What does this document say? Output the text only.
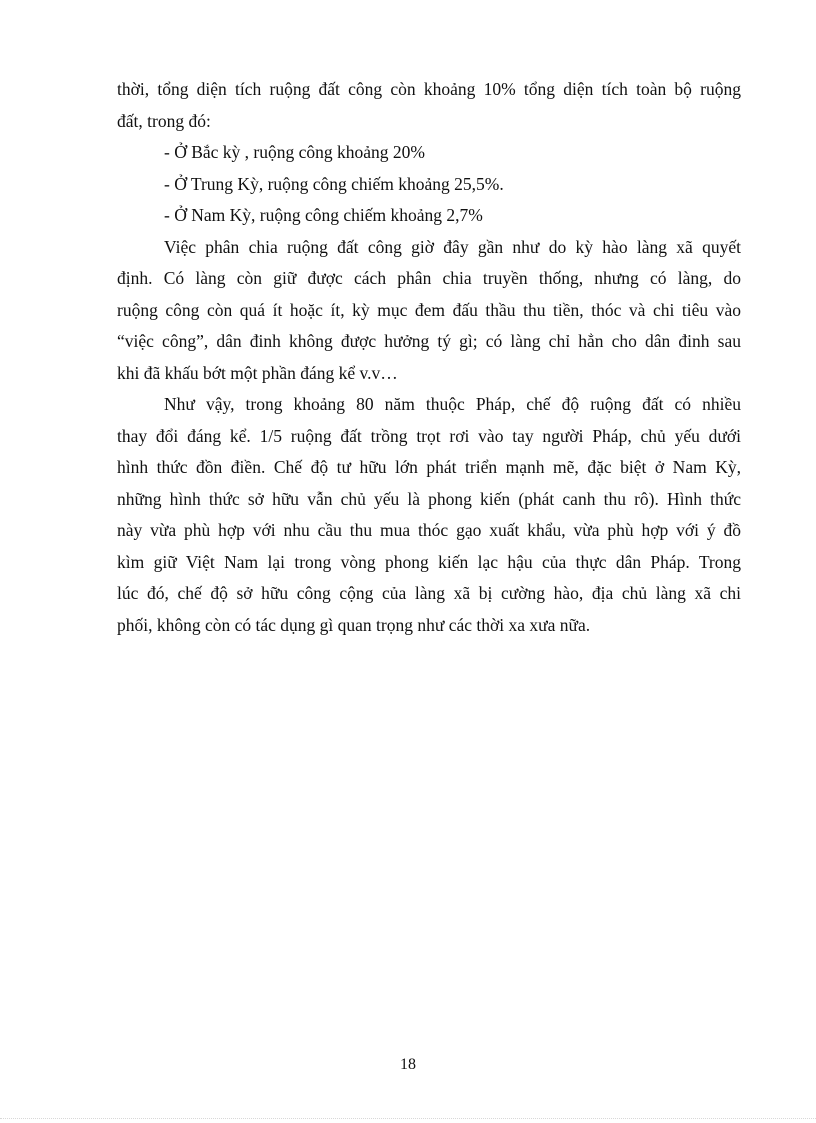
thời, tổng diện tích ruộng đất công còn khoảng 10% tổng diện tích toàn bộ ruộng
đất, trong đó:
- Ở Bắc kỳ , ruộng công khoảng 20%
- Ở Trung Kỳ, ruộng công chiếm khoảng 25,5%.
- Ở Nam Kỳ, ruộng công chiếm khoảng 2,7%
Việc phân chia ruộng đất công giờ đây gần như do kỳ hào làng xã quyết
định. Có làng còn giữ được cách phân chia truyền thống, nhưng có làng, do
ruộng công còn quá ít hoặc ít, kỳ mục đem đấu thầu thu tiền, thóc và chi tiêu vào
“việc công”, dân đinh không được hưởng tý gì; có làng chỉ hẳn cho dân đinh sau
khi đã khấu bớt một phần đáng kể v.v…
Như vậy, trong khoảng 80 năm thuộc Pháp, chế độ ruộng đất có nhiều
thay đổi đáng kể. 1/5 ruộng đất trồng trọt rơi vào tay người Pháp, chủ yếu dưới
hình thức đồn điền. Chế độ tư hữu lớn phát triển mạnh mẽ, đặc biệt ở Nam Kỳ,
những hình thức sở hữu vẫn chủ yếu là phong kiến (phát canh thu rô). Hình thức
này vừa phù hợp với nhu cầu thu mua thóc gạo xuất khẩu, vừa phù hợp với ý đồ
kìm giữ Việt Nam lại trong vòng phong kiến lạc hậu của thực dân Pháp. Trong
lúc đó, chế độ sở hữu công cộng của làng xã bị cường hào, địa chủ làng xã chi
phối, không còn có tác dụng gì quan trọng như các thời xa xưa nữa.
18
